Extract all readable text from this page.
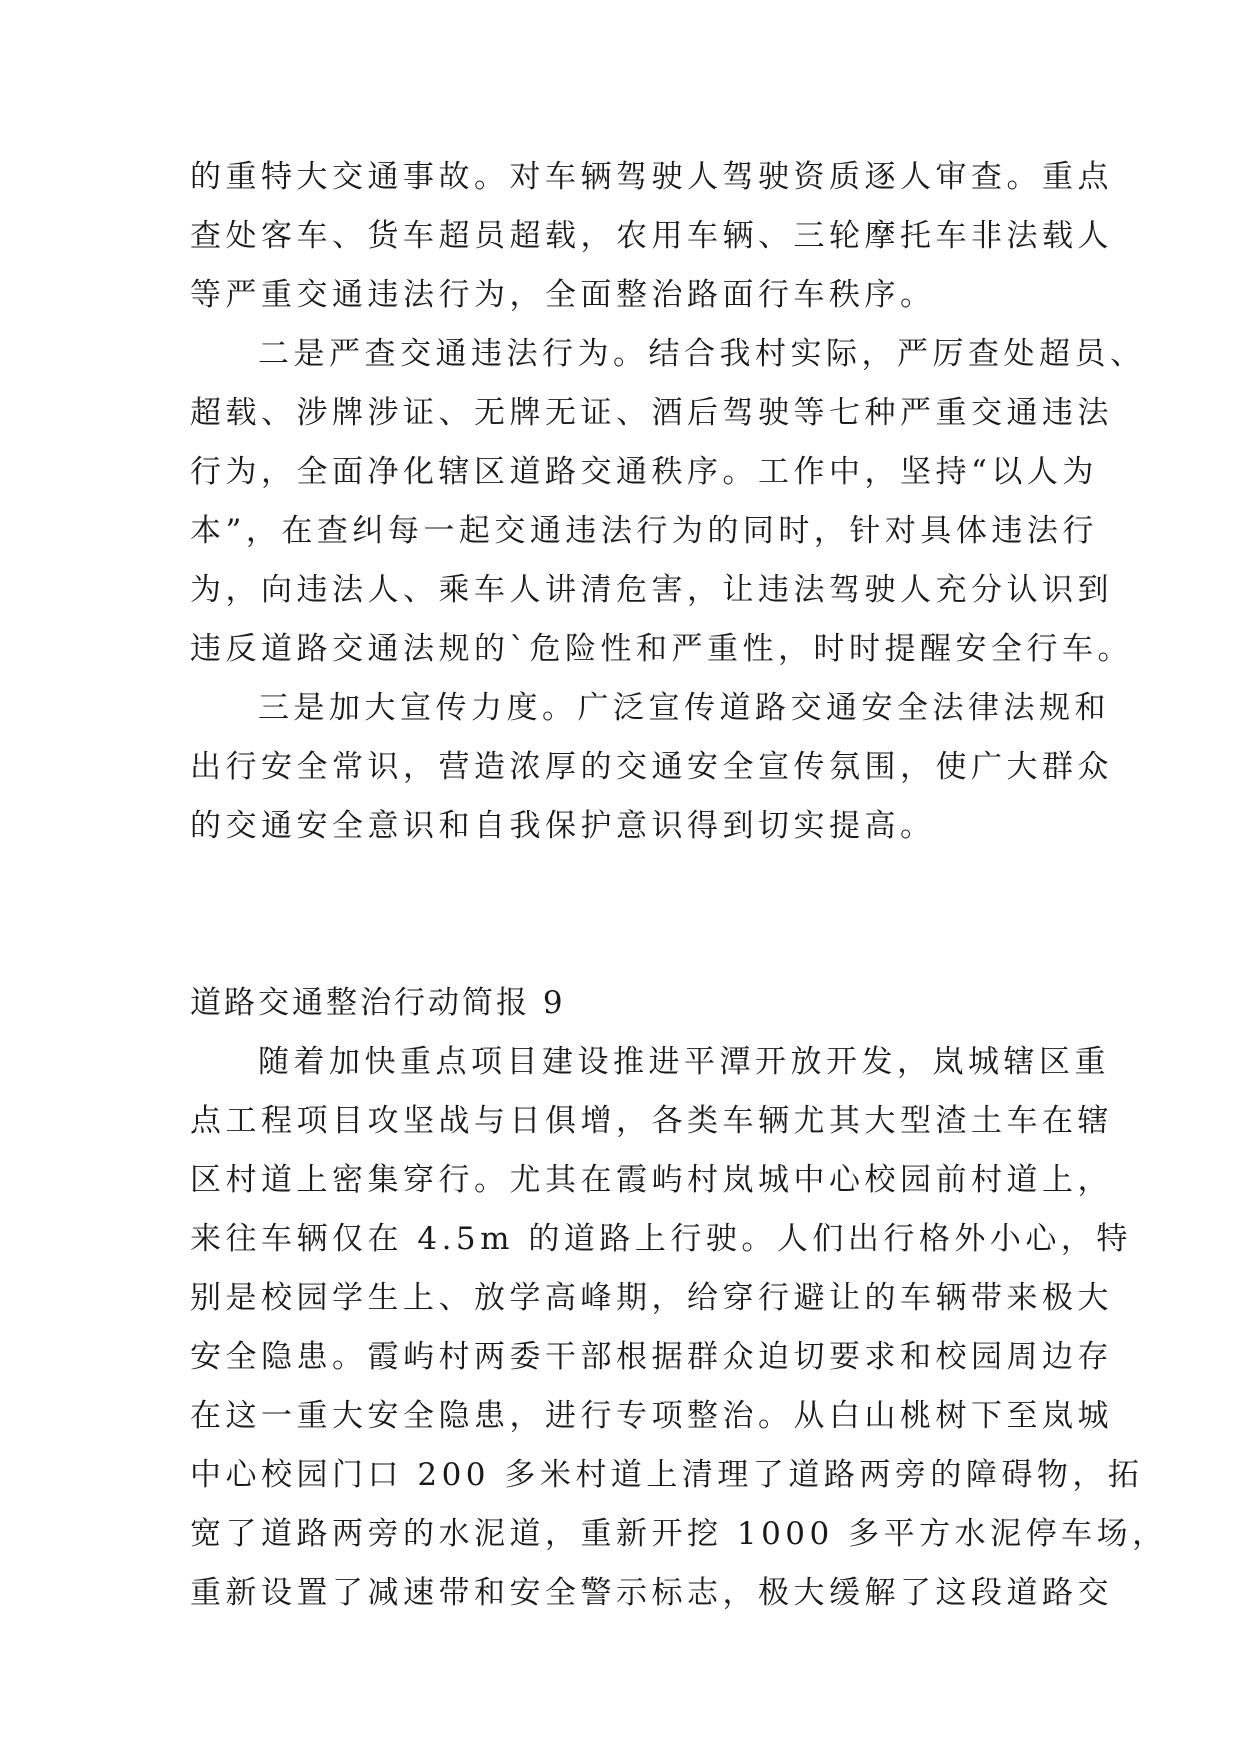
的重特大交通事故。对车辆驾驶人驾驶资质逐人审查。重点
查处客车、货车超员超载，农用车辆、三轮摩托车非法载人
等严重交通违法行为，全面整治路面行车秩序。
二是严查交通违法行为。结合我村实际，严厉查处超员、
超载、涉牌涉证、无牌无证、酒后驾驶等七种严重交通违法
行为，全面净化辖区道路交通秩序。工作中，坚持“以人为
本”，在查纠每一起交通违法行为的同时，针对具体违法行
为，向违法人、乘车人讲清危害，让违法驾驶人充分认识到
违反道路交通法规的`危险性和严重性，时时提醒安全行车。
三是加大宣传力度。广泛宣传道路交通安全法律法规和
出行安全常识，营造浓厚的交通安全宣传氛围，使广大群众
的交通安全意识和自我保护意识得到切实提高。
道路交通整治行动简报 9
随着加快重点项目建设推进平潭开放开发，岚城辖区重
点工程项目攻坚战与日俱增，各类车辆尤其大型渣土车在辖
区村道上密集穿行。尤其在霞屿村岚城中心校园前村道上，
来往车辆仅在 4.5m 的道路上行驶。人们出行格外小心，特
别是校园学生上、放学高峰期，给穿行避让的车辆带来极大
安全隐患。霞屿村两委干部根据群众迫切要求和校园周边存
在这一重大安全隐患，进行专项整治。从白山桃树下至岚城
中心校园门口 200 多米村道上清理了道路两旁的障碍物，拓
宽了道路两旁的水泥道，重新开挖 1000 多平方水泥停车场，
重新设置了减速带和安全警示标志，极大缓解了这段道路交
